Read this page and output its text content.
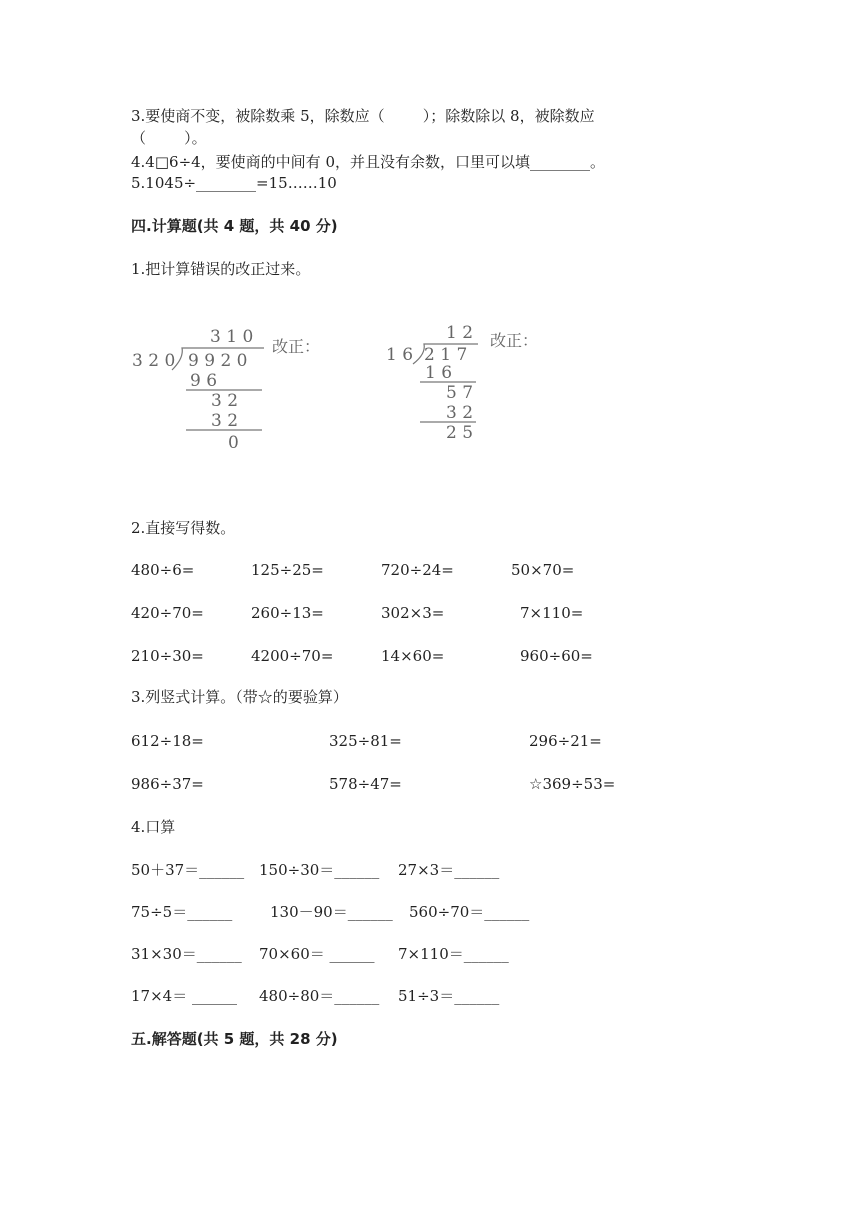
3.要使商不变，被除数乘 5，除数应（        ）；除数除以 8，被除数应
（        ）。
4.4□6÷4，要使商的中间有 0，并且没有余数，口里可以填________。
5.1045÷________=15……10
四.计算题(共 4 题，共 40 分)
1.把计算错误的改正过来。
3 1 0
3 2 0 9 9 2 0
改正：
9 6
3 2
3 2
0
1 2
1 6 2 1 7
改正：
1 6
5 7
3 2
2 5
2.直接写得数。
480÷6=	125÷25=	720÷24=	50×70=
420÷70=	260÷13=	302×3=	7×110=
210÷30=	4200÷70=	14×60=	960÷60=
3.列竖式计算。（带☆的要验算）
612÷18=	325÷81=	296÷21=
986÷37=	578÷47=	☆369÷53=
4.口算
50＋37＝______ 150÷30＝______ 27×3＝______
75÷5＝______	130－90＝______ 560÷70＝______
31×30＝______ 70×60＝ ______ 7×110＝______
17×4＝ ______ 480÷80＝______ 51÷3＝______
五.解答题(共 5 题，共 28 分)
